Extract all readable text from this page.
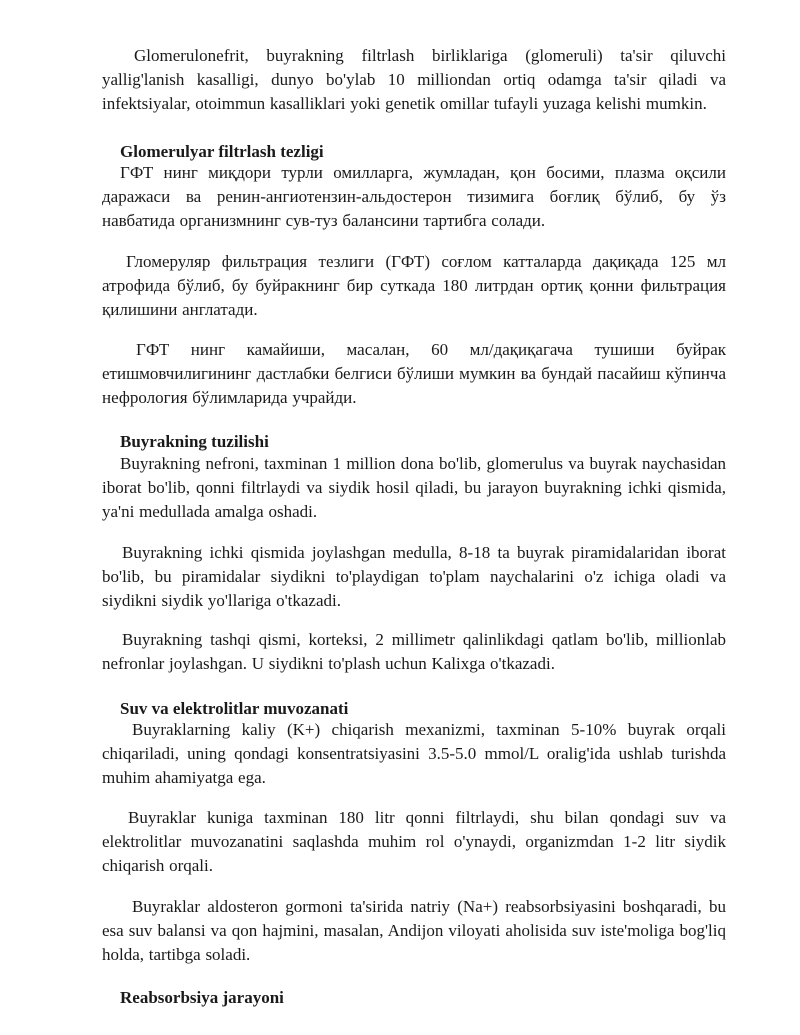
Glomerulonefrit, buyrakning filtrlash birliklariga (glomeruli) ta'sir qiluvchi yallig'lanish kasalligi, dunyo bo'ylab 10 milliondan ortiq odamga ta'sir qiladi va infektsiyalar, otoimmun kasalliklari yoki genetik omillar tufayli yuzaga kelishi mumkin.

Glomerulyar filtrlash tezligi

ГФТ нинг миқдори турли омилларга, жумладан, қон босими, плазма оқсили даражаси ва ренин-ангиотензин-альдостерон тизимига боғлиқ бўлиб, бу ўз навбатида организмнинг сув-туз балансини тартибга солади.

Гломеруляр фильтрация тезлиги (ГФТ) соғлом катталарда дақиқада 125 мл атрофида бўлиб, бу буйракнинг бир суткада 180 литрдан ортиқ қонни фильтрация қилишини англатади.

ГФТ нинг камайиши, масалан, 60 мл/дақиқагача тушиши буйрак етишмовчилигининг дастлабки белгиси бўлиши мумкин ва бундай пасайиш кўпинча нефрология бўлимларида учрайди.

Buyrakning tuzilishi

Buyrakning nefroni, taxminan 1 million dona bo'lib, glomerulus va buyrak naychasidan iborat bo'lib, qonni filtrlaydi va siydik hosil qiladi, bu jarayon buyrakning ichki qismida, ya'ni medullada amalga oshadi.

Buyrakning ichki qismida joylashgan medulla, 8-18 ta buyrak piramidalaridan iborat bo'lib, bu piramidalar siydikni to'playdigan to'plam naychalarini o'z ichiga oladi va siydikni siydik yo'llariga o'tkazadi.

Buyrakning tashqi qismi, korteksi, 2 millimetr qalinlikdagi qatlam bo'lib, millionlab nefronlar joylashgan. U siydikni to'plash uchun Kalixga o'tkazadi.

Suv va elektrolitlar muvozanati

Buyraklarning kaliy (K+) chiqarish mexanizmi, taxminan 5-10% buyrak orqali chiqariladi, uning qondagi konsentratsiyasini 3.5-5.0 mmol/L oralig'ida ushlab turishda muhim ahamiyatga ega.

Buyraklar kuniga taxminan 180 litr qonni filtrlaydi, shu bilan qondagi suv va elektrolitlar muvozanatini saqlashda muhim rol o'ynaydi, organizmdan 1-2 litr siydik chiqarish orqali.

Buyraklar aldosteron gormoni ta'sirida natriy (Na+) reabsorbsiyasini boshqaradi, bu esa suv balansi va qon hajmini, masalan, Andijon viloyati aholisida suv iste'moliga bog'liq holda, tartibga soladi.

Reabsorbsiya jarayoni
